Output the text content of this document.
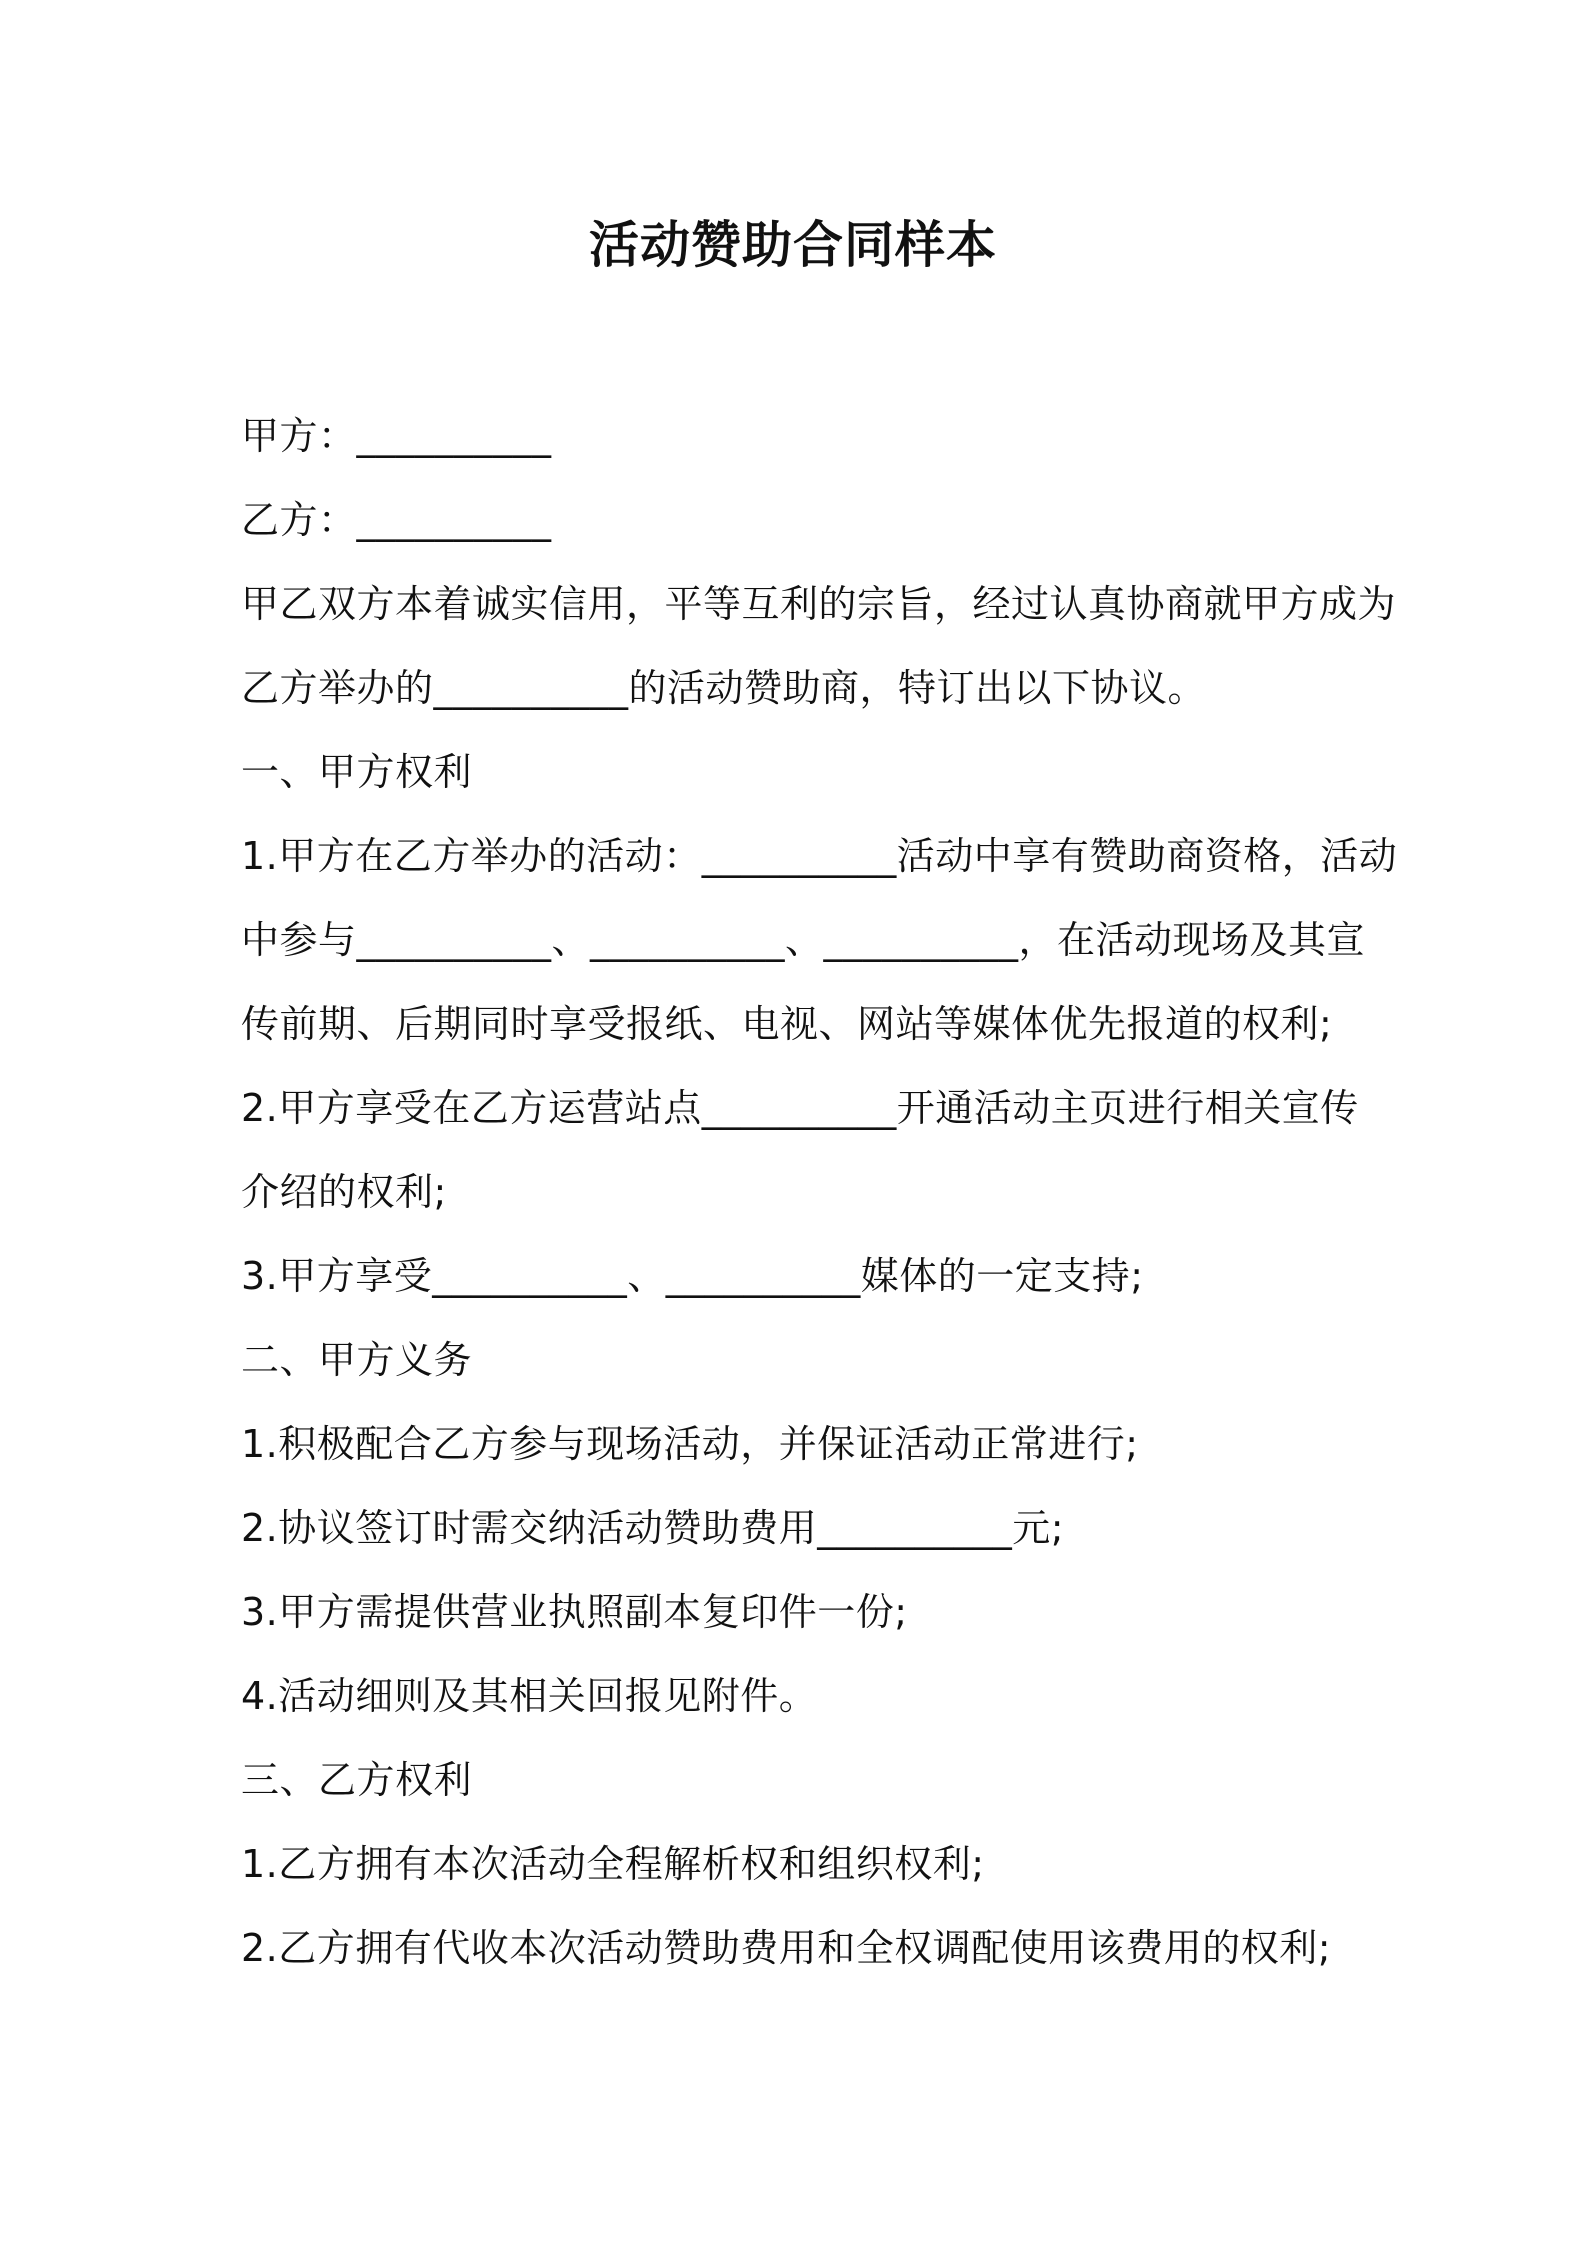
活动赞助合同样本
甲方：__________
乙方：__________
甲乙双方本着诚实信用，平等互利的宗旨，经过认真协商就甲方成为
乙方举办的__________的活动赞助商，特订出以下协议。
一、甲方权利
1.甲方在乙方举办的活动：__________活动中享有赞助商资格，活动
中参与__________、__________、__________，在活动现场及其宣
传前期、后期同时享受报纸、电视、网站等媒体优先报道的权利;
2.甲方享受在乙方运营站点__________开通活动主页进行相关宣传
介绍的权利;
3.甲方享受__________、__________媒体的一定支持;
二、甲方义务
1.积极配合乙方参与现场活动，并保证活动正常进行;
2.协议签订时需交纳活动赞助费用__________元;
3.甲方需提供营业执照副本复印件一份;
4.活动细则及其相关回报见附件。
三、乙方权利
1.乙方拥有本次活动全程解析权和组织权利;
2.乙方拥有代收本次活动赞助费用和全权调配使用该费用的权利;
